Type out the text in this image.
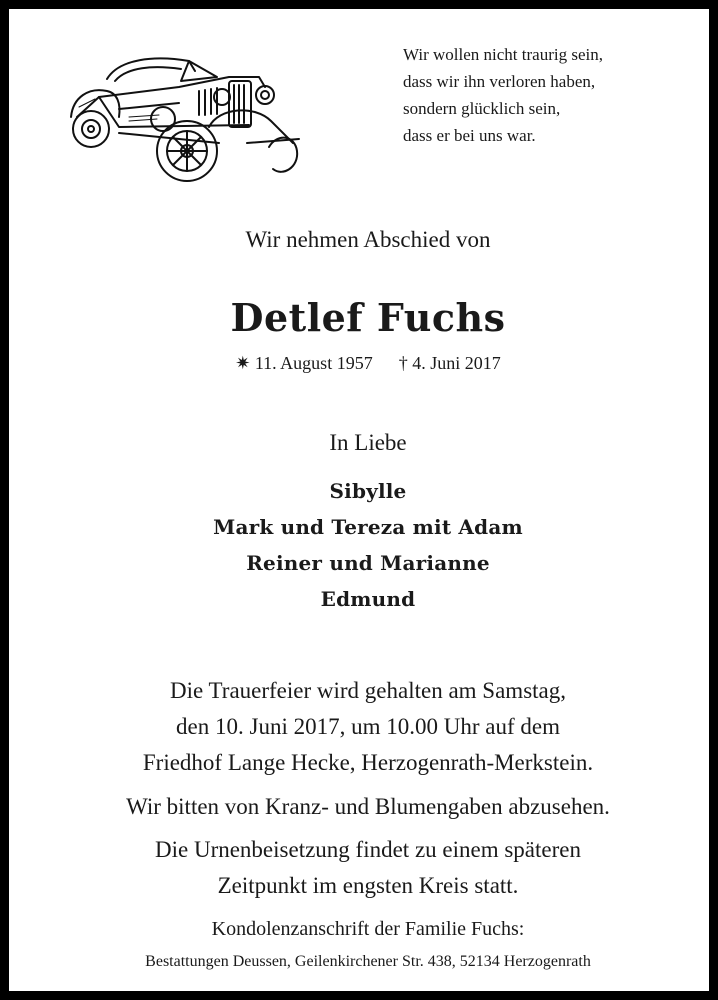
Wir wollen nicht traurig sein,
dass wir ihn verloren haben,
sondern glücklich sein,
dass er bei uns war.
Wir nehmen Abschied von
Detlef Fuchs
✷ 11. August 1957 † 4. Juni 2017
In Liebe
Sibylle
Mark und Tereza mit Adam
Reiner und Marianne
Edmund
Die Trauerfeier wird gehalten am Samstag,
den 10. Juni 2017, um 10.00 Uhr auf dem
Friedhof Lange Hecke, Herzogenrath-Merkstein.
Wir bitten von Kranz- und Blumengaben abzusehen.
Die Urnenbeisetzung findet zu einem späteren
Zeitpunkt im engsten Kreis statt.
Kondolenzanschrift der Familie Fuchs:
Bestattungen Deussen, Geilenkirchener Str. 438, 52134 Herzogenrath
